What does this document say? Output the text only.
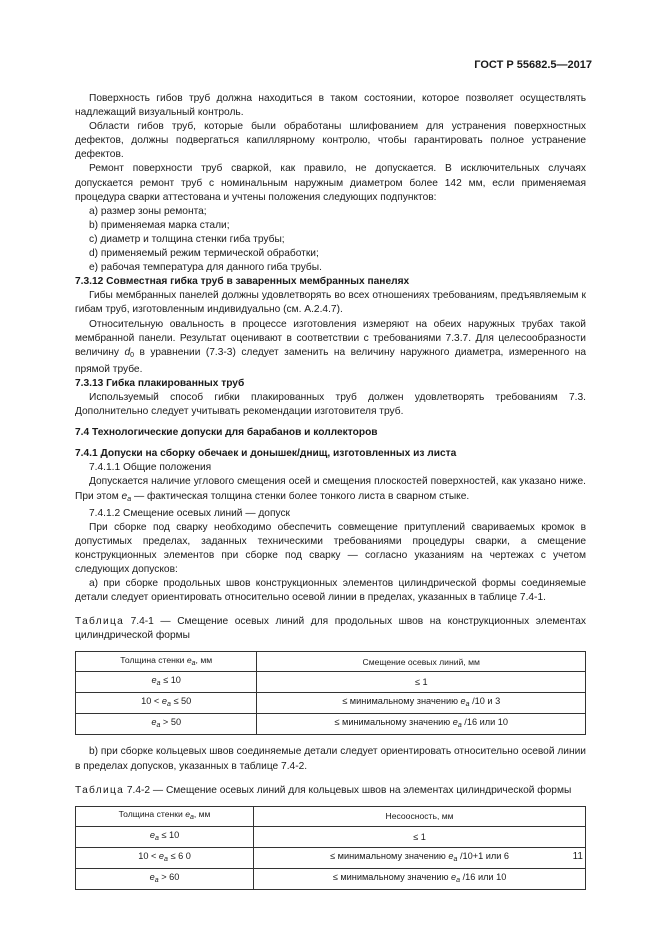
ГОСТ Р 55682.5—2017

Поверхность гибов труб должна находиться в таком состоянии, которое позволяет осуществлять надлежащий визуальный контроль.

Области гибов труб, которые были обработаны шлифованием для устранения поверхностных дефектов, должны подвергаться капиллярному контролю, чтобы гарантировать полное устранение дефектов.

Ремонт поверхности труб сваркой, как правило, не допускается. В исключительных случаях допускается ремонт труб с номинальным наружным диаметром более 142 мм, если применяемая процедура сварки аттестована и учтены положения следующих подпунктов:

a) размер зоны ремонта;

b) применяемая марка стали;

c) диаметр и толщина стенки гиба трубы;

d) применяемый режим термической обработки;

e) рабочая температура для данного гиба трубы.

7.3.12 Совместная гибка труб в заваренных мембранных панелях

Гибы мембранных панелей должны удовлетворять во всех отношениях требованиям, предъявляемым к гибам труб, изготовленным индивидуально (см. А.2.4.7).

Относительную овальность в процессе изготовления измеряют на обеих наружных трубах такой мембранной панели. Результат оценивают в соответствии с требованиями 7.3.7. Для целесообразности величину $d_0$ в уравнении (7.3-3) следует заменить на величину наружного диаметра, измеренного на прямой трубе.

7.3.13 Гибка плакированных труб

Используемый способ гибки плакированных труб должен удовлетворять требованиям 7.3. Дополнительно следует учитывать рекомендации изготовителя труб.

7.4 Технологические допуски для барабанов и коллекторов

7.4.1 Допуски на сборку обечаек и донышек/днищ, изготовленных из листа

7.4.1.1 Общие положения

Допускается наличие углового смещения осей и смещения плоскостей поверхностей, как указано ниже. При этом $e_a$ — фактическая толщина стенки более тонкого листа в сварном стыке.

7.4.1.2 Смещение осевых линий — допуск

При сборке под сварку необходимо обеспечить совмещение притуплений свариваемых кромок в допустимых пределах, заданных техническими требованиями процедуры сварки, а смещение конструкционных элементов при сборке под сварку — согласно указаниям на чертежах с учетом следующих допусков:

а) при сборке продольных швов конструкционных элементов цилиндрической формы соединяемые детали следует ориентировать относительно осевой линии в пределах, указанных в таблице 7.4-1.

Таблица 7.4-1 — Смещение осевых линий для продольных швов на конструкционных элементах цилиндрической формы

Толщина стенки $e_a$, мм	Смещение осевых линий, мм
$e_a \le 10$	≤ 1
$10 < e_a \le 50$	≤ минимальному значению $e_a$ /10 и 3
$e_a > 50$	≤ минимальному значению $e_a$ /16 или 10

b) при сборке кольцевых швов соединяемые детали следует ориентировать относительно осевой линии в пределах допусков, указанных в таблице 7.4-2.

Таблица 7.4-2 — Смещение осевых линий для кольцевых швов на элементах цилиндрической формы

Толщина стенки $e_a$, мм	Несоосность, мм
$e_a \le 10$	≤ 1
$10 < e_a \le 6$ 0	≤ минимальному значению $e_a$ /10+1 или 6
$e_a > 60$	≤ минимальному значению $e_a$ /16 или 10
11
